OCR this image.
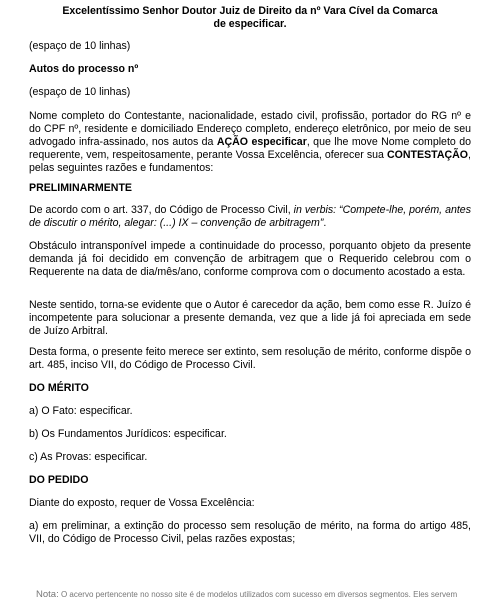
Excelentíssimo Senhor Doutor Juiz de Direito da nº Vara Cível da Comarca
de especificar.

(espaço de 10 linhas)

Autos do processo nº

(espaço de 10 linhas)

Nome completo do Contestante, nacionalidade, estado civil, profissão, portador do RG nº e do CPF nº, residente e domiciliado Endereço completo, endereço eletrônico, por meio de seu advogado infra-assinado, nos autos da AÇÃO especificar, que lhe move Nome completo do requerente, vem, respeitosamente, perante Vossa Excelência, oferecer sua CONTESTAÇÃO, pelas seguintes razões e fundamentos:

PRELIMINARMENTE

De acordo com o art. 337, do Código de Processo Civil, in verbis: “Compete-lhe, porém, antes de discutir o mérito, alegar: (...) IX – convenção de arbitragem”.

Obstáculo intransponível impede a continuidade do processo, porquanto objeto da presente demanda já foi decidido em convenção de arbitragem que o Requerido celebrou com o Requerente na data de dia/mês/ano, conforme comprova com o documento acostado a esta.

Neste sentido, torna-se evidente que o Autor é carecedor da ação, bem como esse R. Juízo é incompetente para solucionar a presente demanda, vez que a lide já foi apreciada em sede de Juízo Arbitral.

Desta forma, o presente feito merece ser extinto, sem resolução de mérito, conforme dispõe o art. 485, inciso VII, do Código de Processo Civil.

DO MÉRITO

a) O Fato: especificar.

b) Os Fundamentos Jurídicos: especificar.

c) As Provas: especificar.

DO PEDIDO

Diante do exposto, requer de Vossa Excelência:

a) em preliminar, a extinção do processo sem resolução de mérito, na forma do artigo 485, VII, do Código de Processo Civil, pelas razões expostas;

Nota: O acervo pertencente no nosso site é de modelos utilizados com sucesso em diversos segmentos. Eles servem
